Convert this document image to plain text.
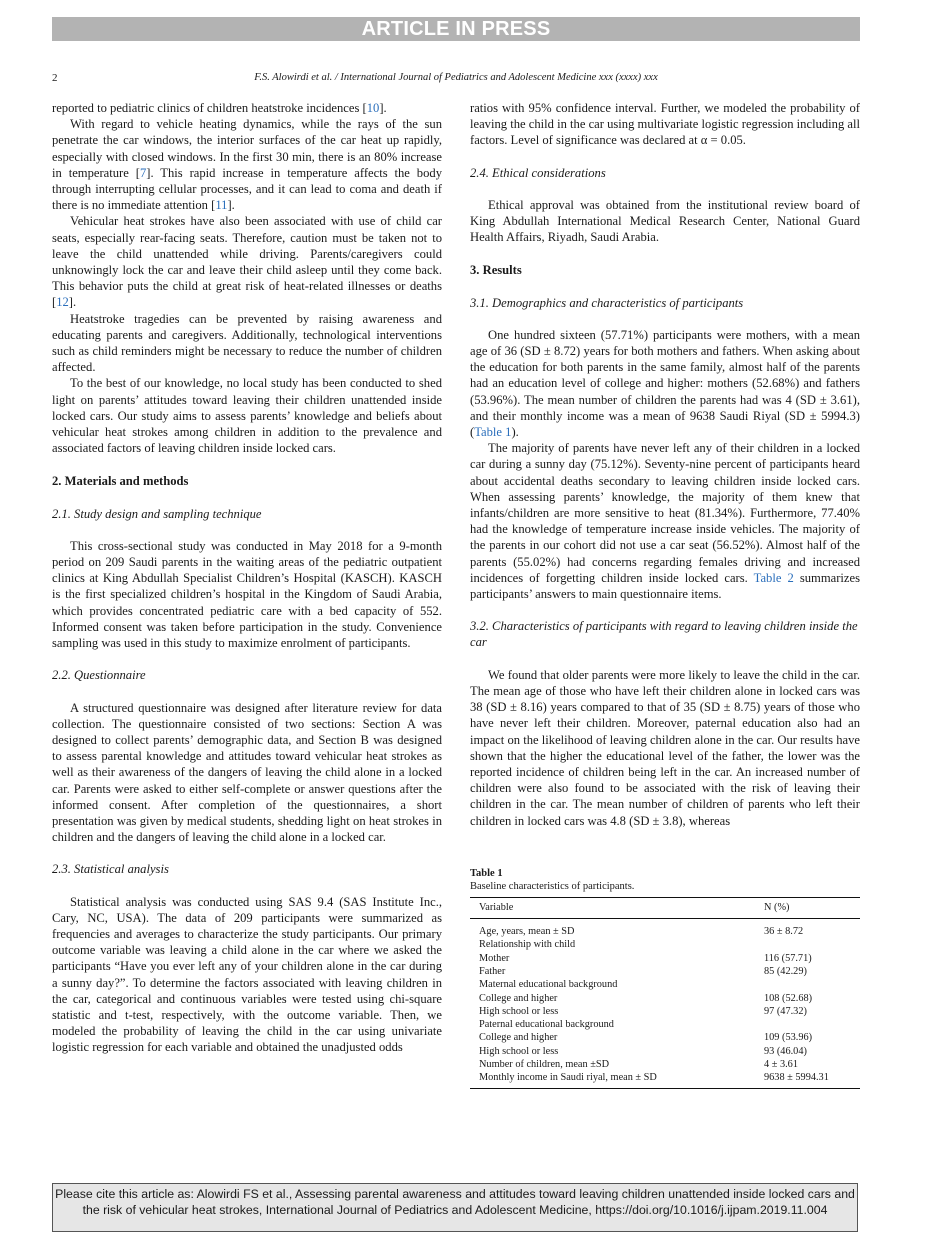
ARTICLE IN PRESS
2	F.S. Alowirdi et al. / International Journal of Pediatrics and Adolescent Medicine xxx (xxxx) xxx

reported to pediatric clinics of children heatstroke incidences [10].

With regard to vehicle heating dynamics, while the rays of the sun penetrate the car windows, the interior surfaces of the car heat up rapidly, especially with closed windows. In the first 30 min, there is an 80% increase in temperature [7]. This rapid increase in temperature affects the body through interrupting cellular processes, and it can lead to coma and death if there is no immediate attention [11].

Vehicular heat strokes have also been associated with use of child car seats, especially rear-facing seats. Therefore, caution must be taken not to leave the child unattended while driving. Parents/caregivers could unknowingly lock the car and leave their child asleep until they come back. This behavior puts the child at great risk of heat-related illnesses or deaths [12].

Heatstroke tragedies can be prevented by raising awareness and educating parents and caregivers. Additionally, technological interventions such as child reminders might be necessary to reduce the number of children affected.

To the best of our knowledge, no local study has been conducted to shed light on parents’ attitudes toward leaving their children unattended inside locked cars. Our study aims to assess parents’ knowledge and beliefs about vehicular heat strokes among children in addition to the prevalence and associated factors of leaving children inside locked cars.

2. Materials and methods
2.1. Study design and sampling technique

This cross-sectional study was conducted in May 2018 for a 9-month period on 209 Saudi parents in the waiting areas of the pediatric outpatient clinics at King Abdullah Specialist Children’s Hospital (KASCH). KASCH is the first specialized children’s hospital in the Kingdom of Saudi Arabia, which provides concentrated pediatric care with a bed capacity of 552. Informed consent was taken before participation in the study. Convenience sampling was used in this study to maximize enrolment of participants.

2.2. Questionnaire

A structured questionnaire was designed after literature review for data collection. The questionnaire consisted of two sections: Section A was designed to collect parents’ demographic data, and Section B was designed to assess parental knowledge and attitudes toward vehicular heat strokes as well as their awareness of the dangers of leaving the child alone in a locked car. Parents were asked to either self-complete or answer questions after the informed consent. After completion of the questionnaires, a short presentation was given by medical students, shedding light on heat strokes in children and the dangers of leaving the child alone in a locked car.

2.3. Statistical analysis

Statistical analysis was conducted using SAS 9.4 (SAS Institute Inc., Cary, NC, USA). The data of 209 participants were summarized as frequencies and averages to characterize the study participants. Our primary outcome variable was leaving a child alone in the car where we asked the participants “Have you ever left any of your children alone in the car during a sunny day?”. To determine the factors associated with leaving children in the car, categorical and continuous variables were tested using chi-square statistic and t-test, respectively, with the outcome variable. Then, we modeled the probability of leaving the child in the car using univariate logistic regression for each variable and obtained the unadjusted odds

ratios with 95% confidence interval. Further, we modeled the probability of leaving the child in the car using multivariate logistic regression including all factors. Level of significance was declared at α = 0.05.

2.4. Ethical considerations

Ethical approval was obtained from the institutional review board of King Abdullah International Medical Research Center, National Guard Health Affairs, Riyadh, Saudi Arabia.

3. Results
3.1. Demographics and characteristics of participants

One hundred sixteen (57.71%) participants were mothers, with a mean age of 36 (SD ± 8.72) years for both mothers and fathers. When asking about the education for both parents in the same family, almost half of the parents had an education level of college and higher: mothers (52.68%) and fathers (53.96%). The mean number of children the parents had was 4 (SD ± 3.61), and their monthly income was a mean of 9638 Saudi Riyal (SD ± 5994.3) (Table 1).

The majority of parents have never left any of their children in a locked car during a sunny day (75.12%). Seventy-nine percent of participants heard about accidental deaths secondary to leaving children inside locked cars. When assessing parents’ knowledge, the majority of them knew that infants/children are more sensitive to heat (81.34%). Furthermore, 77.40% had the knowledge of temperature increase inside vehicles. The majority of the parents in our cohort did not use a car seat (56.52%). Almost half of the parents (55.02%) had concerns regarding females driving and increased incidences of forgetting children inside locked cars. Table 2 summarizes participants’ answers to main questionnaire items.

3.2. Characteristics of participants with regard to leaving children inside the car

We found that older parents were more likely to leave the child in the car. The mean age of those who have left their children alone in locked cars was 38 (SD ± 8.16) years compared to that of 35 (SD ± 8.75) years of those who have never left their children. Moreover, paternal education also had an impact on the likelihood of leaving children alone in the car. Our results have shown that the higher the educational level of the father, the lower was the reported incidence of children being left in the car. An increased number of children were also found to be associated with the risk of leaving their children in the car. The mean number of children of parents who left their children in locked cars was 4.8 (SD ± 3.8), whereas

Table 1
Baseline characteristics of participants.
Variable	N (%)
Age, years, mean ± SD	36 ± 8.72
Relationship with child	
Mother	116 (57.71)
Father	85 (42.29)
Maternal educational background	
College and higher	108 (52.68)
High school or less	97 (47.32)
Paternal educational background	
College and higher	109 (53.96)
High school or less	93 (46.04)
Number of children, mean ±SD	4 ± 3.61
Monthly income in Saudi riyal, mean ± SD	9638 ± 5994.31
Please cite this article as: Alowirdi FS et al., Assessing parental awareness and attitudes toward leaving children unattended inside locked cars and the risk of vehicular heat strokes, International Journal of Pediatrics and Adolescent Medicine, https://doi.org/10.1016/j.ijpam.2019.11.004
